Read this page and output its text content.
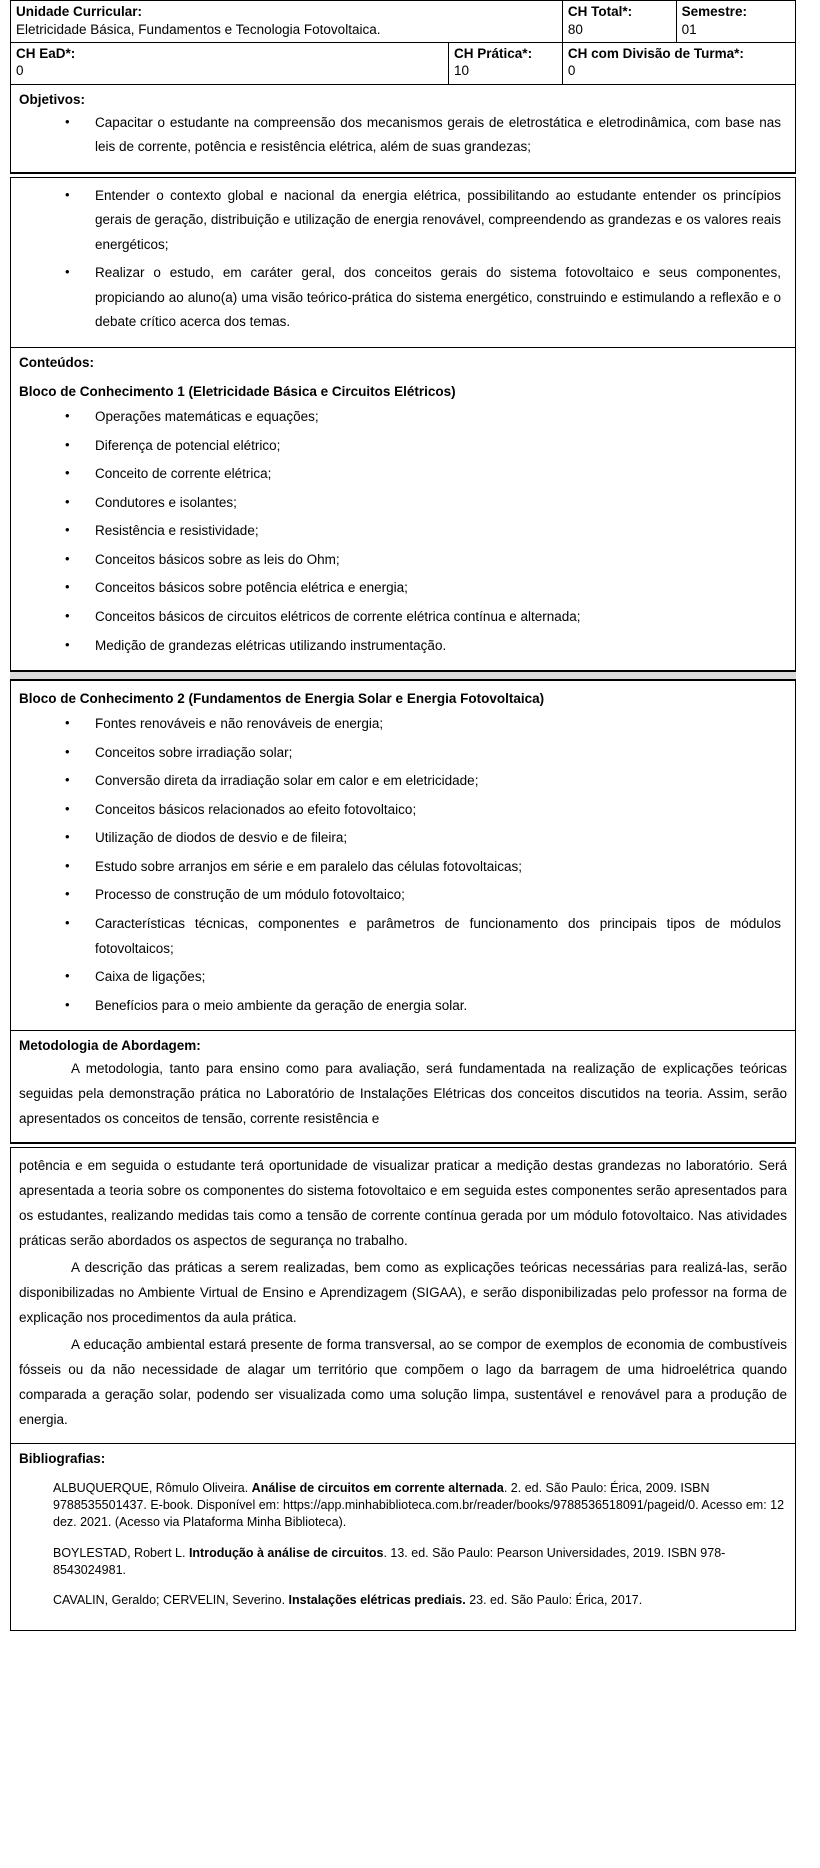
Unidade Curricular:
Eletricidade Básica, Fundamentos e Tecnologia Fotovoltaica.		CH Total*:
80	Semestre:
01

CH EaD*:
0	CH Prática*:
10	CH com Divisão de Turma*:
0	
Objetivos:
• Capacitar o estudante na compreensão dos mecanismos gerais de eletrostática e eletrodinâmica, com base nas leis de corrente, potência e resistência elétrica, além de suas grandezas;
• Entender o contexto global e nacional da energia elétrica, possibilitando ao estudante entender os princípios gerais de geração, distribuição e utilização de energia renovável, compreendendo as grandezas e os valores reais energéticos;
• Realizar o estudo, em caráter geral, dos conceitos gerais do sistema fotovoltaico e seus componentes, propiciando ao aluno(a) uma visão teórico-prática do sistema energético, construindo e estimulando a reflexão e o debate crítico acerca dos temas.
Conteúdos:
Bloco de Conhecimento 1 (Eletricidade Básica e Circuitos Elétricos)
• Operações matemáticas e equações;
• Diferença de potencial elétrico;
• Conceito de corrente elétrica;
• Condutores e isolantes;
• Resistência e resistividade;
• Conceitos básicos sobre as leis do Ohm;
• Conceitos básicos sobre potência elétrica e energia;
• Conceitos básicos de circuitos elétricos de corrente elétrica contínua e alternada;
• Medição de grandezas elétricas utilizando instrumentação.
Bloco de Conhecimento 2 (Fundamentos de Energia Solar e Energia Fotovoltaica)
• Fontes renováveis e não renováveis de energia;
• Conceitos sobre irradiação solar;
• Conversão direta da irradiação solar em calor e em eletricidade;
• Conceitos básicos relacionados ao efeito fotovoltaico;
• Utilização de diodos de desvio e de fileira;
• Estudo sobre arranjos em série e em paralelo das células fotovoltaicas;
• Processo de construção de um módulo fotovoltaico;
• Características técnicas, componentes e parâmetros de funcionamento dos principais tipos de módulos fotovoltaicos;
• Caixa de ligações;
• Benefícios para o meio ambiente da geração de energia solar.
Metodologia de Abordagem:

A metodologia, tanto para ensino como para avaliação, será fundamentada na realização de explicações teóricas seguidas pela demonstração prática no Laboratório de Instalações Elétricas dos conceitos discutidos na teoria. Assim, serão apresentados os conceitos de tensão, corrente resistência e

potência e em seguida o estudante terá oportunidade de visualizar praticar a medição destas grandezas no laboratório. Será apresentada a teoria sobre os componentes do sistema fotovoltaico e em seguida estes componentes serão apresentados para os estudantes, realizando medidas tais como a tensão de corrente contínua gerada por um módulo fotovoltaico. Nas atividades práticas serão abordados os aspectos de segurança no trabalho.

A descrição das práticas a serem realizadas, bem como as explicações teóricas necessárias para realizá-las, serão disponibilizadas no Ambiente Virtual de Ensino e Aprendizagem (SIGAA), e serão disponibilizadas pelo professor na forma de explicação nos procedimentos da aula prática.

A educação ambiental estará presente de forma transversal, ao se compor de exemplos de economia de combustíveis fósseis ou da não necessidade de alagar um território que compõem o lago da barragem de uma hidroelétrica quando comparada a geração solar, podendo ser visualizada como uma solução limpa, sustentável e renovável para a produção de energia.

Bibliografias:

ALBUQUERQUE, Rômulo Oliveira. Análise de circuitos em corrente alternada. 2. ed. São Paulo: Érica, 2009. ISBN 9788535501437. E-book. Disponível em: https://app.minhabiblioteca.com.br/reader/books/9788536518091/pageid/0. Acesso em: 12 dez. 2021. (Acesso via Plataforma Minha Biblioteca).

BOYLESTAD, Robert L. Introdução à análise de circuitos. 13. ed. São Paulo: Pearson Universidades, 2019. ISBN 978-8543024981.

CAVALIN, Geraldo; CERVELIN, Severino. Instalações elétricas prediais. 23. ed. São Paulo: Érica, 2017.
